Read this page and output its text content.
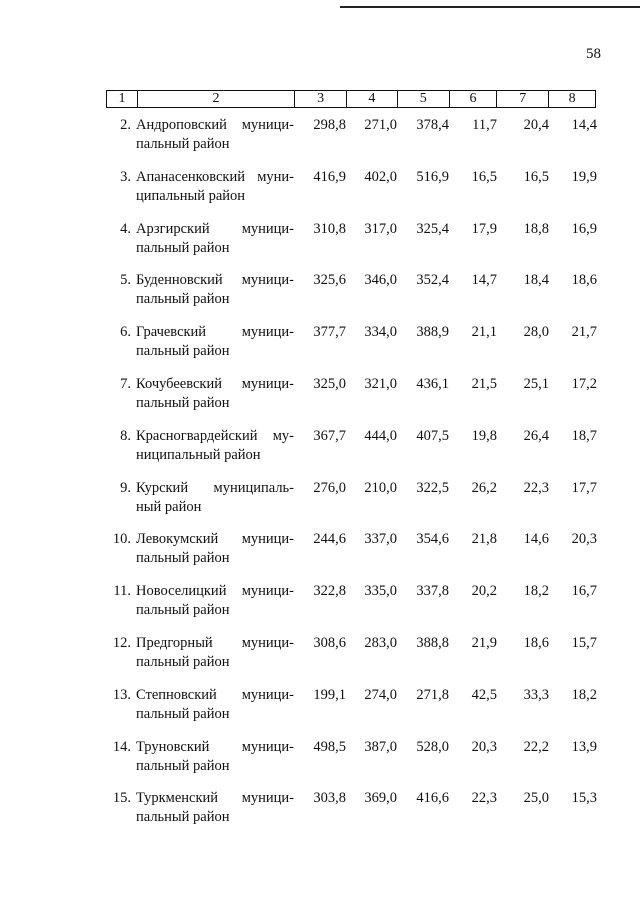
58
1	2	3	4	5	6	7	8
2. Андроповский муници-
пальный район
298,8	271,0	378,4	11,7	20,4	14,4
3. Апанасенковский муни-
ципальный район
416,9	402,0	516,9	16,5	16,5	19,9
4. Арзгирский муници-
пальный район
310,8	317,0	325,4	17,9	18,8	16,9
5. Буденновский муници-
пальный район
325,6	346,0	352,4	14,7	18,4	18,6
6. Грачевский муници-
пальный район
377,7	334,0	388,9	21,1	28,0	21,7
7. Кочубеевский муници-
пальный район
325,0	321,0	436,1	21,5	25,1	17,2
8. Красногвардейский му-
ниципальный район
367,7	444,0	407,5	19,8	26,4	18,7
9. Курский муниципаль-
ный район
276,0	210,0	322,5	26,2	22,3	17,7
10. Левокумский муници-
пальный район
244,6	337,0	354,6	21,8	14,6	20,3
11. Новоселицкий муници-
пальный район
322,8	335,0	337,8	20,2	18,2	16,7
12. Предгорный муници-
пальный район
308,6	283,0	388,8	21,9	18,6	15,7
13. Степновский муници-
пальный район
199,1	274,0	271,8	42,5	33,3	18,2
14. Труновский муници-
пальный район
498,5	387,0	528,0	20,3	22,2	13,9
15. Туркменский муници-
пальный район
303,8	369,0	416,6	22,3	25,0	15,3
